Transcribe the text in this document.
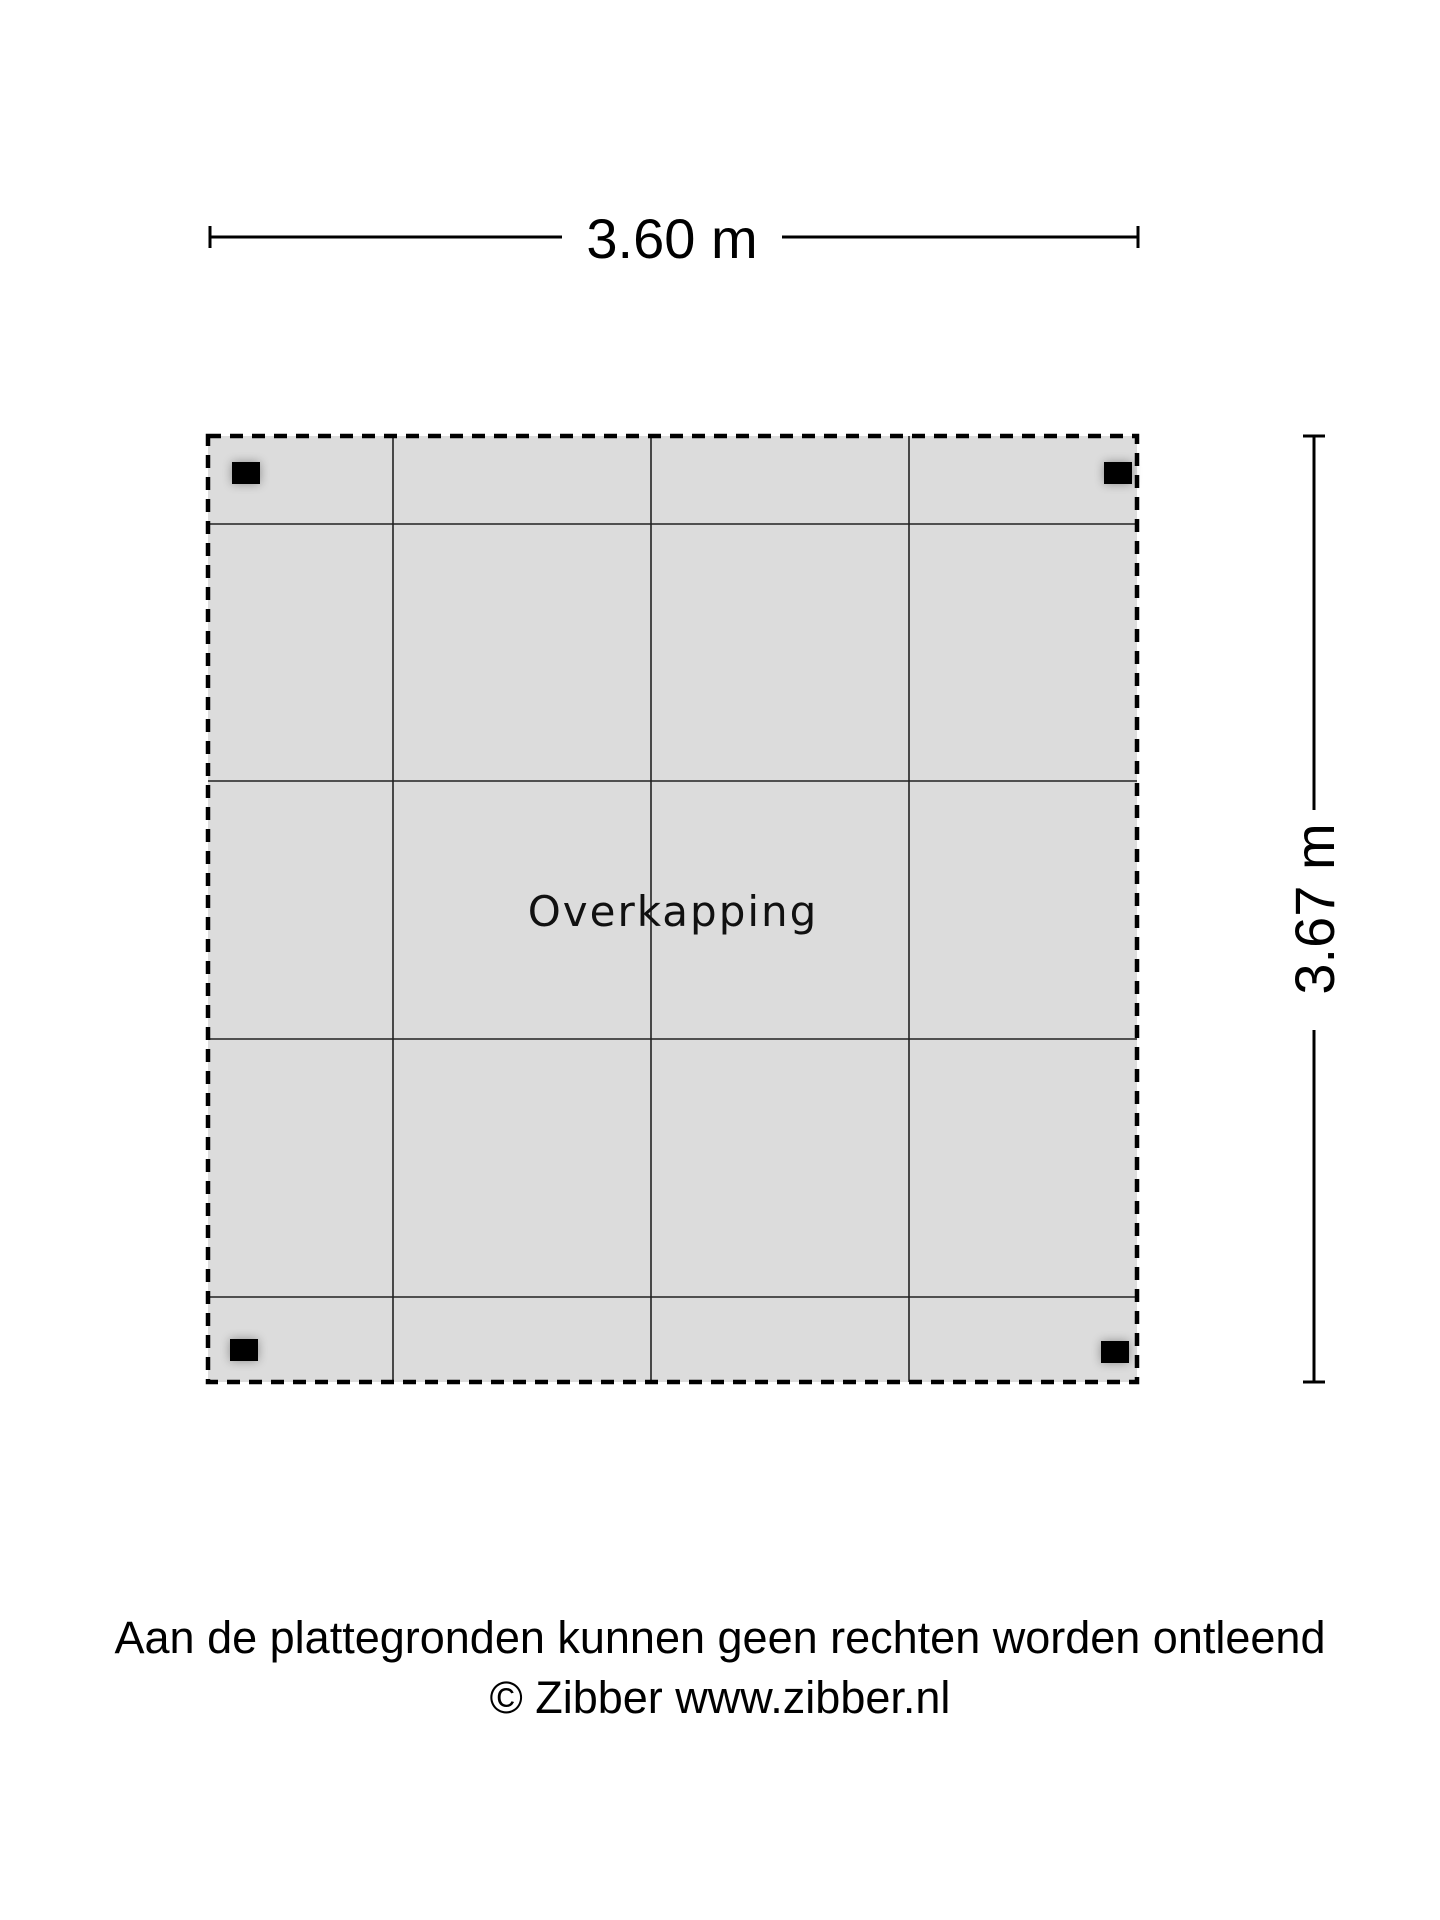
3.60 m
3.67 m
Overkapping
Aan de plattegronden kunnen geen rechten worden ontleend
© Zibber www.zibber.nl
